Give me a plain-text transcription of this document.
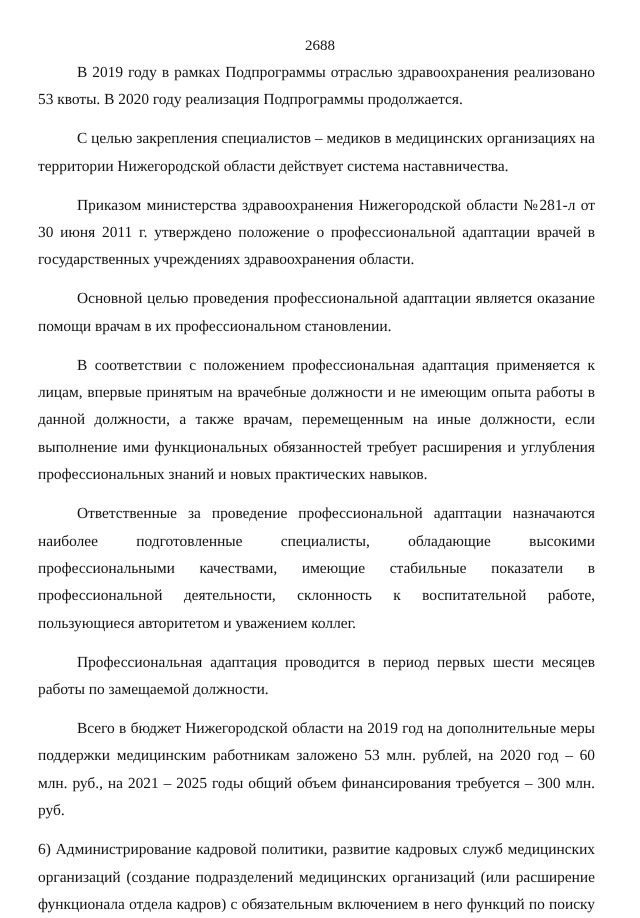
2688

В 2019 году в рамках Подпрограммы отраслью здравоохранения реализовано 53 квоты. В 2020 году реализация Подпрограммы продолжается.

С целью закрепления специалистов – медиков в медицинских организациях на территории Нижегородской области действует система наставничества.

Приказом министерства здравоохранения Нижегородской области №281-л от 30 июня 2011 г. утверждено положение о профессиональной адаптации врачей в государственных учреждениях здравоохранения области.

Основной целью проведения профессиональной адаптации является оказание помощи врачам в их профессиональном становлении.

В соответствии с положением профессиональная адаптация применяется к лицам, впервые принятым на врачебные должности и не имеющим опыта работы в данной должности, а также врачам, перемещенным на иные должности, если выполнение ими функциональных обязанностей требует расширения и углубления профессиональных знаний и новых практических навыков.

Ответственные за проведение профессиональной адаптации назначаются наиболее подготовленные специалисты, обладающие высокими профессиональными качествами, имеющие стабильные показатели в профессиональной деятельности, склонность к воспитательной работе, пользующиеся авторитетом и уважением коллег.

Профессиональная адаптация проводится в период первых шести месяцев работы по замещаемой должности.

Всего в бюджет Нижегородской области на 2019 год на дополнительные меры поддержки медицинским работникам заложено 53 млн. рублей, на 2020 год – 60 млн. руб., на 2021 – 2025 годы общий объем финансирования требуется – 300 млн. руб.

6) Администрирование кадровой политики, развитие кадровых служб медицинских организаций (создание подразделений медицинских организаций (или расширение функционала отдела кадров) с обязательным включением в него функций по поиску
